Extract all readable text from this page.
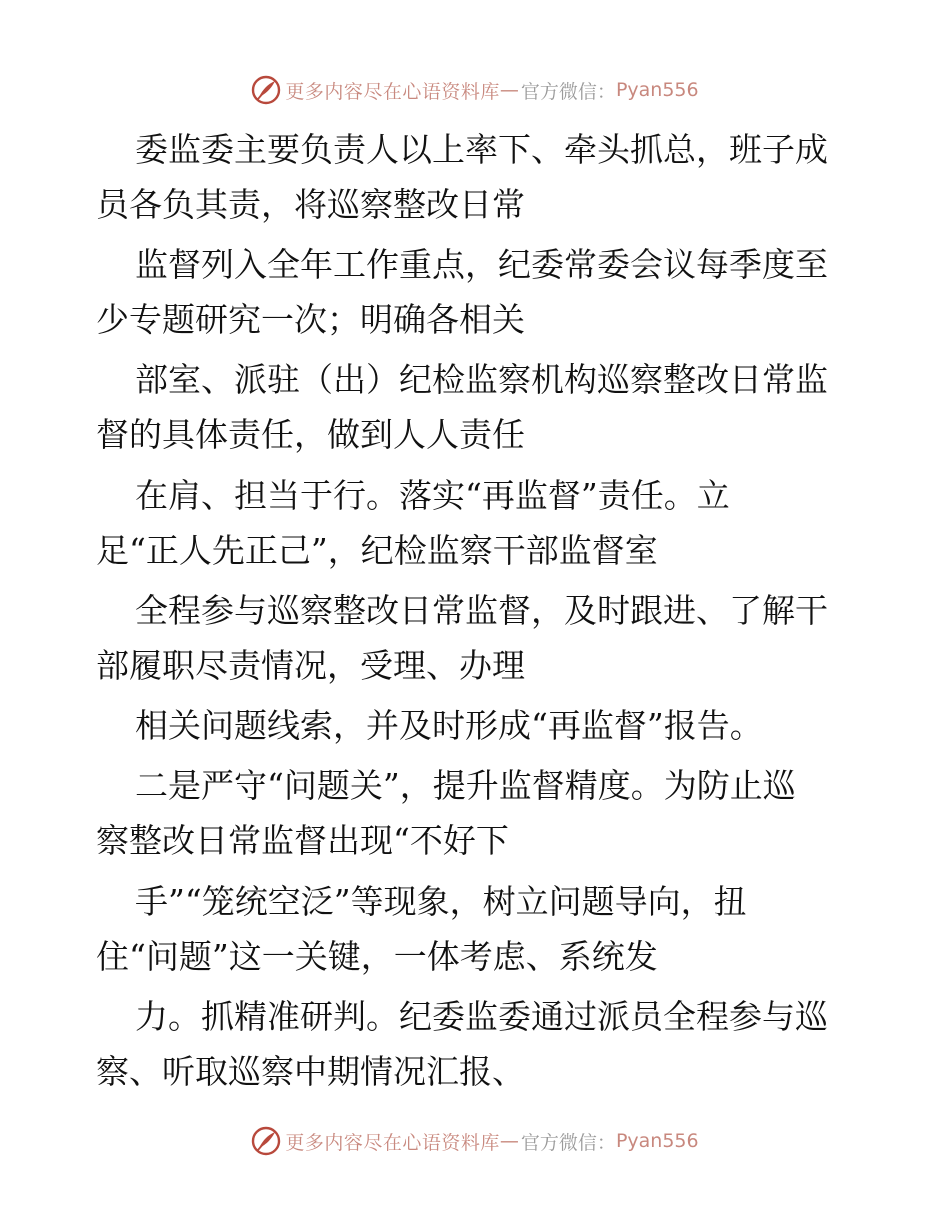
更多内容尽在心语资料库 — 官方微信： Pyan556
委监委主要负责人以上率下、牵头抓总，班子成
员各负其责，将巡察整改日常
监督列入全年工作重点，纪委常委会议每季度至
少专题研究一次；明确各相关
部室、派驻（出）纪检监察机构巡察整改日常监
督的具体责任，做到人人责任
在肩、担当于行。落实“再监督”责任。立
足“正人先正己”，纪检监察干部监督室
全程参与巡察整改日常监督，及时跟进、了解干
部履职尽责情况，受理、办理
相关问题线索，并及时形成“再监督”报告。
二是严守“问题关”，提升监督精度。为防止巡
察整改日常监督出现“不好下
手”“笼统空泛”等现象，树立问题导向，扭
住“问题”这一关键，一体考虑、系统发
力。抓精准研判。纪委监委通过派员全程参与巡
察、听取巡察中期情况汇报、
更多内容尽在心语资料库 — 官方微信： Pyan556
